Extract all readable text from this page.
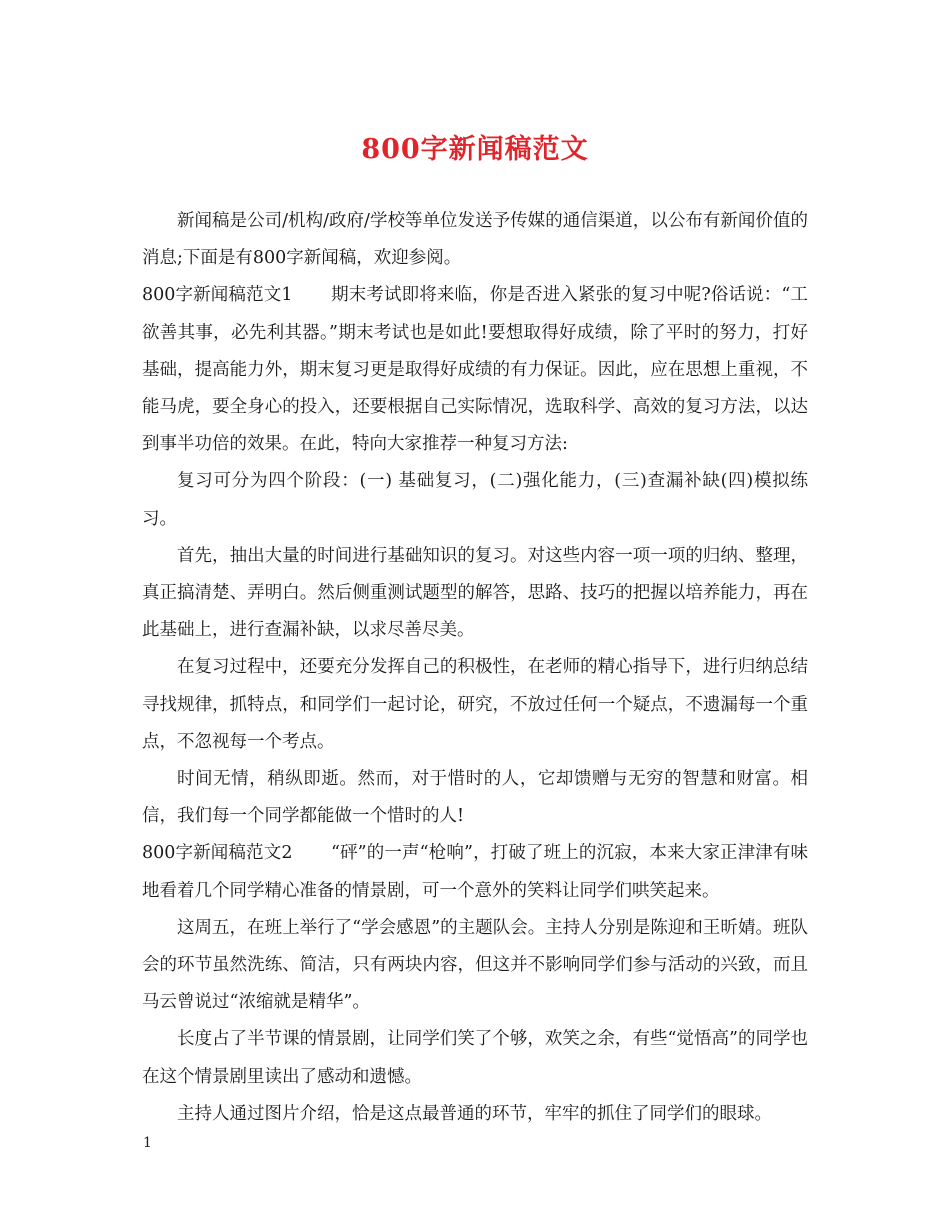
800字新闻稿范文

新闻稿是公司/机构/政府/学校等单位发送予传媒的通信渠道，以公布有新闻价值的消息;下面是有800字新闻稿，欢迎参阅。

800字新闻稿范文1 期末考试即将来临，你是否进入紧张的复习中呢?俗话说：“工欲善其事，必先利其器。”期末考试也是如此!要想取得好成绩，除了平时的努力，打好基础，提高能力外，期末复习更是取得好成绩的有力保证。因此，应在思想上重视，不能马虎，要全身心的投入，还要根据自己实际情况，选取科学、高效的复习方法，以达到事半功倍的效果。在此，特向大家推荐一种复习方法:

复习可分为四个阶段：(一) 基础复习，(二)强化能力，(三)查漏补缺(四)模拟练习。

首先，抽出大量的时间进行基础知识的复习。对这些内容一项一项的归纳、整理，真正搞清楚、弄明白。然后侧重测试题型的解答，思路、技巧的把握以培养能力，再在此基础上，进行查漏补缺，以求尽善尽美。

在复习过程中，还要充分发挥自己的积极性，在老师的精心指导下，进行归纳总结寻找规律，抓特点，和同学们一起讨论，研究，不放过任何一个疑点，不遗漏每一个重点，不忽视每一个考点。

时间无情，稍纵即逝。然而，对于惜时的人，它却馈赠与无穷的智慧和财富。相信，我们每一个同学都能做一个惜时的人!

800字新闻稿范文2 “砰”的一声“枪响”，打破了班上的沉寂，本来大家正津津有味地看着几个同学精心准备的情景剧，可一个意外的笑料让同学们哄笑起来。

这周五，在班上举行了“学会感恩”的主题队会。主持人分别是陈迎和王昕婧。班队会的环节虽然洗练、简洁，只有两块内容，但这并不影响同学们参与活动的兴致，而且马云曾说过“浓缩就是精华”。

长度占了半节课的情景剧，让同学们笑了个够，欢笑之余，有些“觉悟高”的同学也在这个情景剧里读出了感动和遗憾。

主持人通过图片介绍，恰是这点最普通的环节，牢牢的抓住了同学们的眼球。

1
